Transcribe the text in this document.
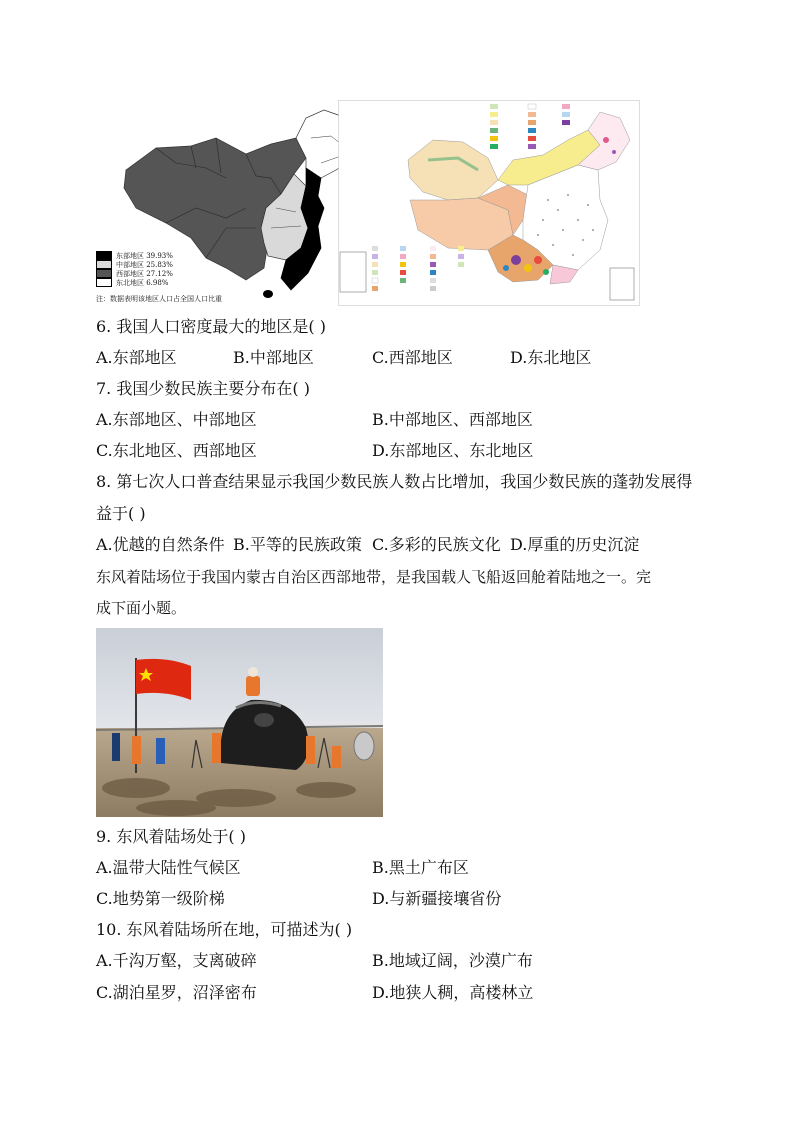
东部地区 39.93%
中部地区 25.83%
西部地区 27.12%
东北地区 6.98%
注：数据表明该地区人口占全国人口比重
6. 我国人口密度最大的地区是( )
A.东部地区	B.中部地区	C.西部地区	D.东北地区
7. 我国少数民族主要分布在( )
A.东部地区、中部地区	B.中部地区、西部地区
C.东北地区、西部地区	D.东部地区、东北地区
8. 第七次人口普查结果显示我国少数民族人数占比增加，我国少数民族的蓬勃发展得
益于( )
A.优越的自然条件 B.平等的民族政策 C.多彩的民族文化 D.厚重的历史沉淀
东风着陆场位于我国内蒙古自治区西部地带，是我国载人飞船返回舱着陆地之一。完
成下面小题。
9. 东风着陆场处于( )
A.温带大陆性气候区	B.黑土广布区
C.地势第一级阶梯	D.与新疆接壤省份
10. 东风着陆场所在地，可描述为( )
A.千沟万壑，支离破碎	B.地域辽阔，沙漠广布
C.湖泊星罗，沼泽密布	D.地狭人稠，高楼林立
